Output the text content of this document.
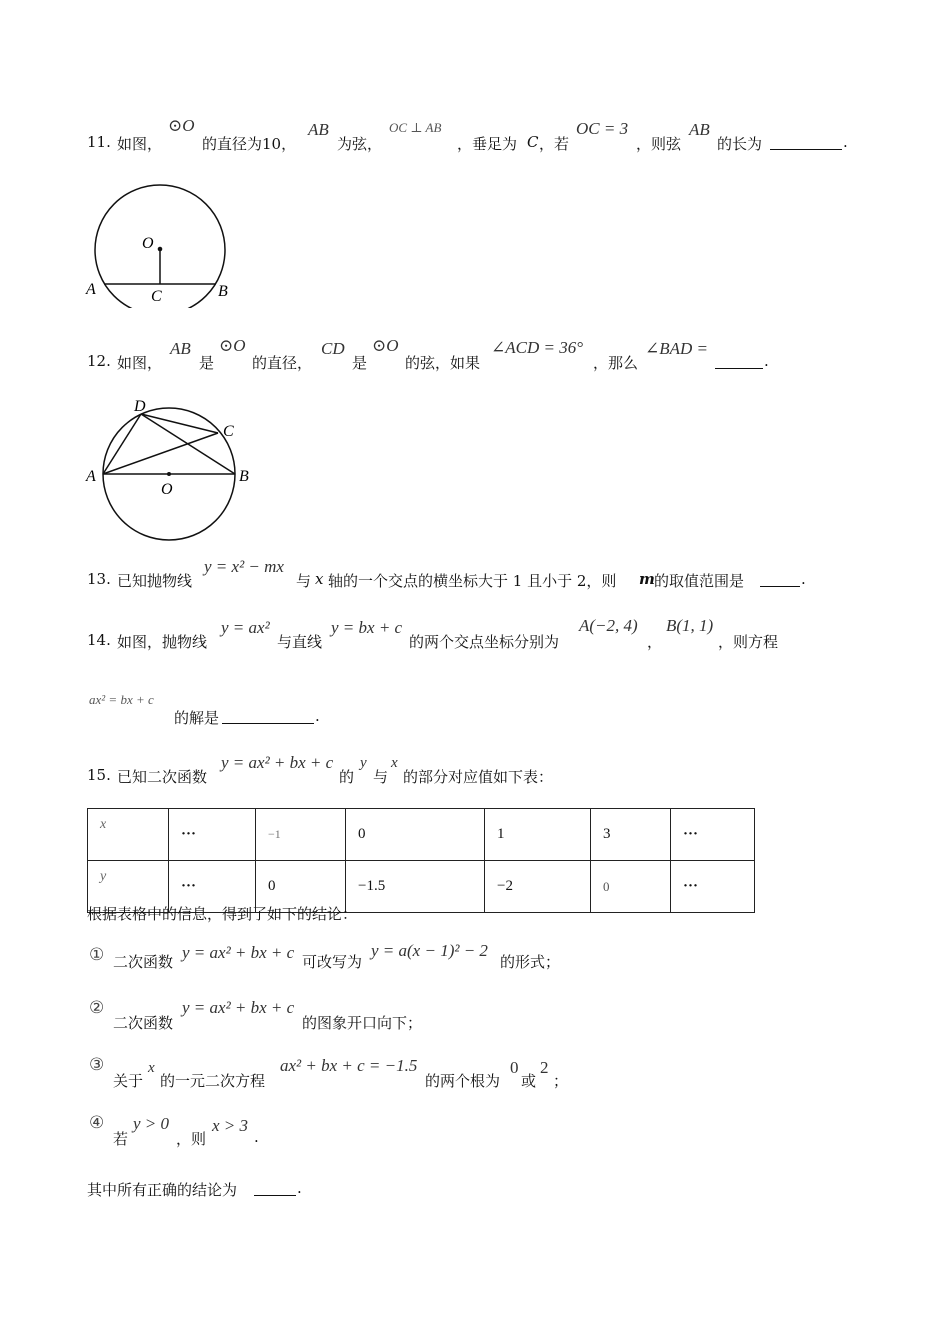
11. 如图，
⊙O
的直径为10，
AB
为弦，
OC ⊥ AB
，垂足为 C ，若
OC = 3
，则弦
AB
的长为	.
O
A	B
C
12. 如图，
AB
是
⊙O
的直径，
CD
是
⊙O
的弦，如果
∠ACD = 36°
，那么
∠BAD =
.
D
C
A
O
B
13. 已知抛物线
y = x² − mx
与 x 轴的一个交点的横坐标大于 1 且小于 2，则 m 的取值范围是	.
14. 如图，抛物线
y = ax²
与直线
y = bx + c
的两个交点坐标分别为
A(−2, 4)
，
B(1, 1)
，则方程
ax² = bx + c
的解是	.
15. 已知二次函数
y = ax² + bx + c
的
y
与
x
的部分对应值如下表：
x	···	−1	0	1	3	···
y	···	0	−1.5	−2	0	···
根据表格中的信息，得到了如下的结论：
① 二次函数 y = ax² + bx + c 可改写为
y = a(x − 1)² − 2
的形式；
②
二次函数
y = ax² + bx + c
的图象开口向下；
③
关于
x
的一元二次方程
ax² + bx + c = −1.5
的两个根为
0
或
2
；
④
若
y > 0
，则
x > 3
.
其中所有正确的结论为	.
